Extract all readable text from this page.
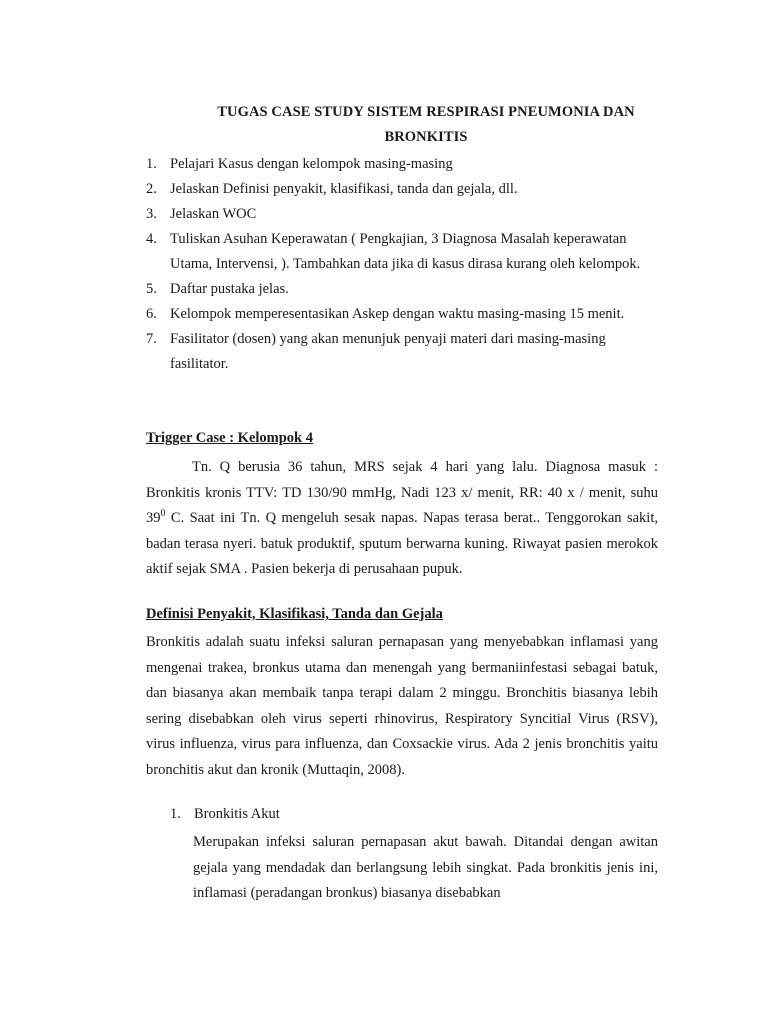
TUGAS CASE STUDY SISTEM RESPIRASI PNEUMONIA DAN
BRONKITIS
1. Pelajari Kasus dengan kelompok masing-masing
2. Jelaskan Definisi penyakit, klasifikasi, tanda dan gejala, dll.
3. Jelaskan WOC
4. Tuliskan Asuhan Keperawatan ( Pengkajian, 3 Diagnosa Masalah keperawatan Utama, Intervensi, ). Tambahkan data jika di kasus dirasa kurang oleh kelompok.
5. Daftar pustaka jelas.
6. Kelompok memperesentasikan Askep dengan waktu masing-masing 15 menit.
7. Fasilitator (dosen) yang akan menunjuk penyaji materi dari masing-masing fasilitator.
Trigger Case : Kelompok 4
Tn. Q berusia 36 tahun, MRS sejak 4 hari yang lalu. Diagnosa masuk : Bronkitis kronis TTV: TD 130/90 mmHg, Nadi 123 x/ menit, RR: 40 x / menit, suhu $39^0$ C. Saat ini Tn. Q mengeluh sesak napas. Napas terasa berat.. Tenggorokan sakit, badan terasa nyeri. batuk produktif, sputum berwarna kuning. Riwayat pasien merokok aktif sejak SMA . Pasien bekerja di perusahaan pupuk.
Definisi Penyakit, Klasifikasi, Tanda dan Gejala
Bronkitis adalah suatu infeksi saluran pernapasan yang menyebabkan inflamasi yang mengenai trakea, bronkus utama dan menengah yang bermaniinfestasi sebagai batuk, dan biasanya akan membaik tanpa terapi dalam 2 minggu. Bronchitis biasanya lebih sering disebabkan oleh virus seperti rhinovirus, Respiratory Syncitial Virus (RSV), virus influenza, virus para influenza, dan Coxsackie virus. Ada 2 jenis bronchitis yaitu bronchitis akut dan kronik (Muttaqin, 2008).
1. Bronkitis Akut
Merupakan infeksi saluran pernapasan akut bawah. Ditandai dengan awitan gejala yang mendadak dan berlangsung lebih singkat. Pada bronkitis jenis ini, inflamasi (peradangan bronkus) biasanya disebabkan
